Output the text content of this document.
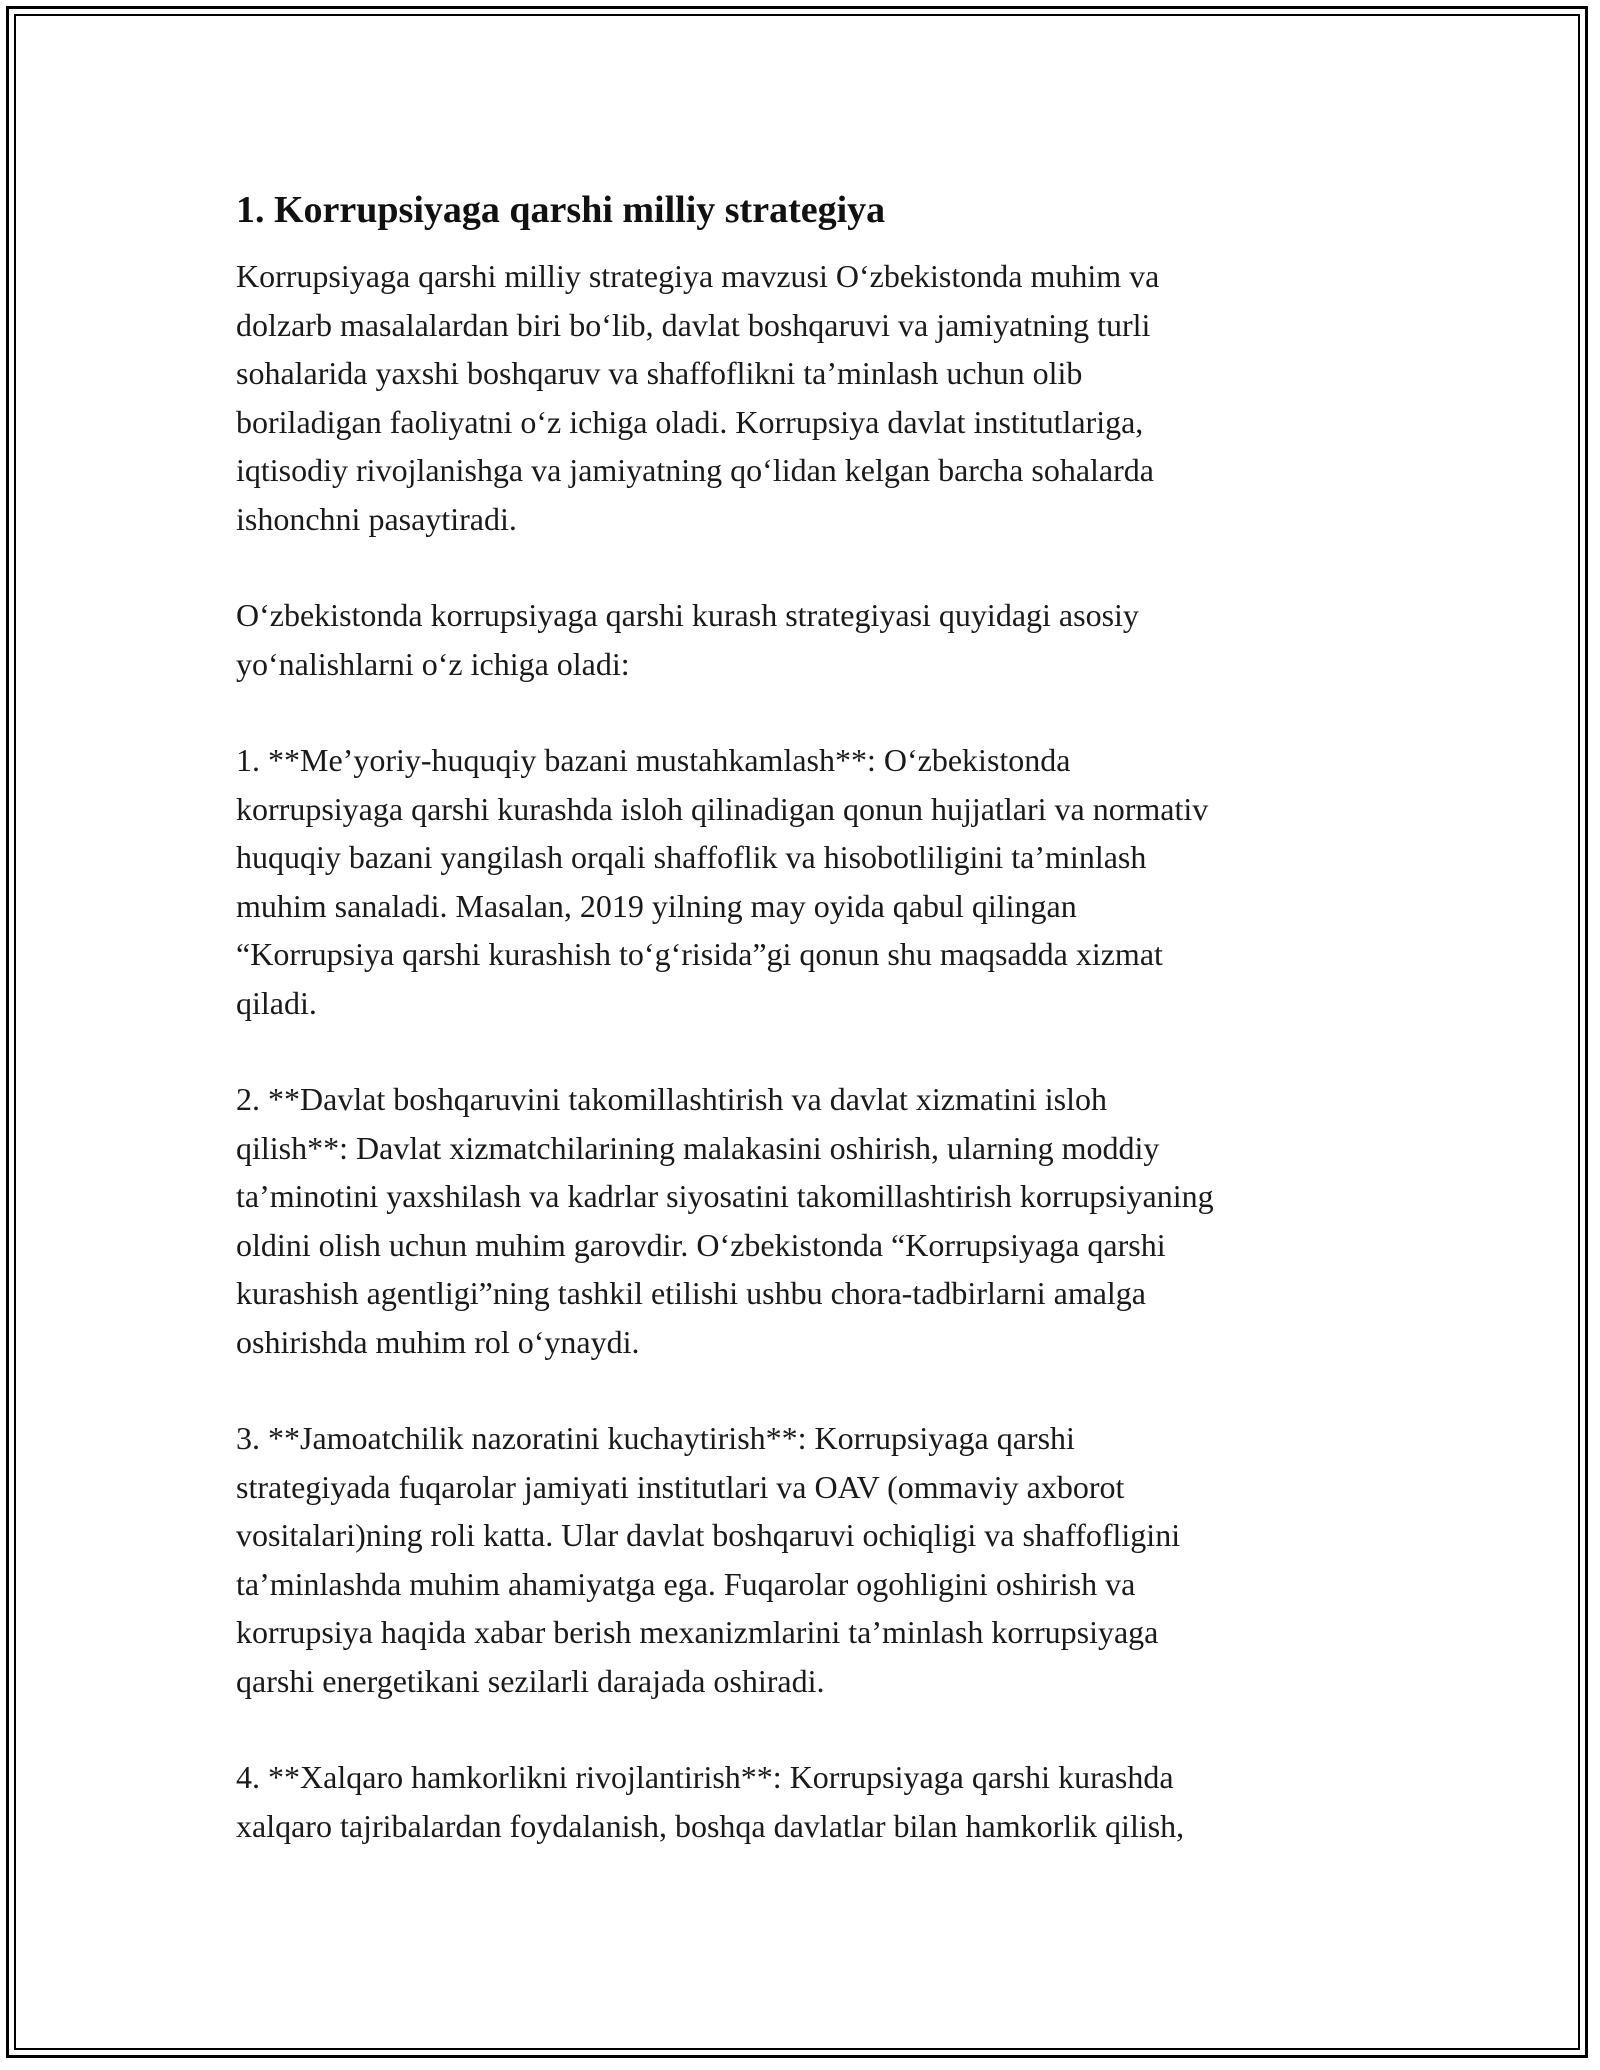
1. Korrupsiyaga qarshi milliy strategiya

Korrupsiyaga qarshi milliy strategiya mavzusi O‘zbekistonda muhim va
dolzarb masalalardan biri bo‘lib, davlat boshqaruvi va jamiyatning turli
sohalarida yaxshi boshqaruv va shaffoflikni ta’minlash uchun olib
boriladigan faoliyatni o‘z ichiga oladi. Korrupsiya davlat institutlariga,
iqtisodiy rivojlanishga va jamiyatning qo‘lidan kelgan barcha sohalarda
ishonchni pasaytiradi.

O‘zbekistonda korrupsiyaga qarshi kurash strategiyasi quyidagi asosiy
yo‘nalishlarni o‘z ichiga oladi:

1. **Me’yoriy-huquqiy bazani mustahkamlash**: O‘zbekistonda
korrupsiyaga qarshi kurashda isloh qilinadigan qonun hujjatlari va normativ
huquqiy bazani yangilash orqali shaffoflik va hisobotliligini ta’minlash
muhim sanaladi. Masalan, 2019 yilning may oyida qabul qilingan
“Korrupsiya qarshi kurashish to‘g‘risida”gi qonun shu maqsadda xizmat
qiladi.

2. **Davlat boshqaruvini takomillashtirish va davlat xizmatini isloh
qilish**: Davlat xizmatchilarining malakasini oshirish, ularning moddiy
ta’minotini yaxshilash va kadrlar siyosatini takomillashtirish korrupsiyaning
oldini olish uchun muhim garovdir. O‘zbekistonda “Korrupsiyaga qarshi
kurashish agentligi”ning tashkil etilishi ushbu chora-tadbirlarni amalga
oshirishda muhim rol o‘ynaydi.

3. **Jamoatchilik nazoratini kuchaytirish**: Korrupsiyaga qarshi
strategiyada fuqarolar jamiyati institutlari va OAV (ommaviy axborot
vositalari)ning roli katta. Ular davlat boshqaruvi ochiqligi va shaffofligini
ta’minlashda muhim ahamiyatga ega. Fuqarolar ogohligini oshirish va
korrupsiya haqida xabar berish mexanizmlarini ta’minlash korrupsiyaga
qarshi energetikani sezilarli darajada oshiradi.

4. **Xalqaro hamkorlikni rivojlantirish**: Korrupsiyaga qarshi kurashda
xalqaro tajribalardan foydalanish, boshqa davlatlar bilan hamkorlik qilish,
